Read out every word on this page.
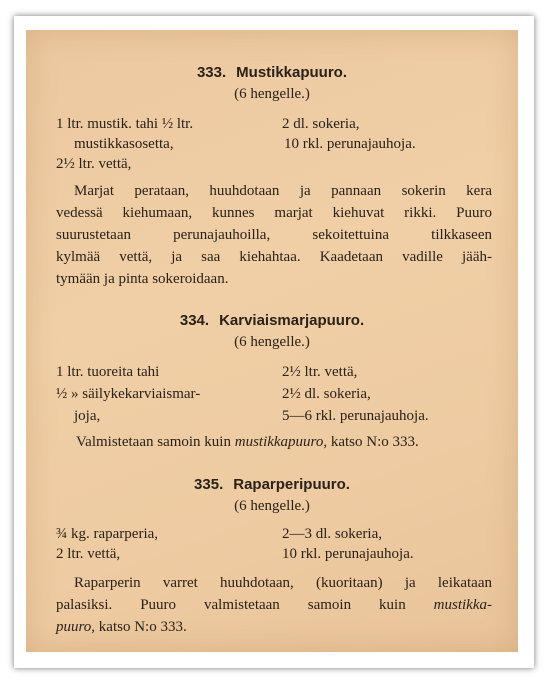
333. Mustikkapuuro.
(6 hengelle.)
1 ltr. mustik. tahi ½ ltr.
mustikkasosetta,
2½ ltr. vettä,
2 dl. sokeria,
10 rkl. perunajauhoja.
Marjat perataan, huuhdotaan ja pannaan sokerin kera
vedessä kiehumaan, kunnes marjat kiehuvat rikki. Puuro
suurustetaan perunajauhoilla, sekoitettuina tilkkaseen
kylmää vettä, ja saa kiehahtaa. Kaadetaan vadille jääh-
tymään ja pinta sokeroidaan.
334. Karviaismarjapuuro.
(6 hengelle.)
1 ltr. tuoreita tahi
½ » säilykekarviaismar-
joja,
2½ ltr. vettä,
2½ dl. sokeria,
5—6 rkl. perunajauhoja.
Valmistetaan samoin kuin mustikkapuuro, katso N:o 333.
335. Raparperipuuro.
(6 hengelle.)
¾ kg. raparperia,
2 ltr. vettä,
2—3 dl. sokeria,
10 rkl. perunajauhoja.
Raparperin varret huuhdotaan, (kuoritaan) ja leikataan
palasiksi. Puuro valmistetaan samoin kuin mustikka-
puuro, katso N:o 333.
